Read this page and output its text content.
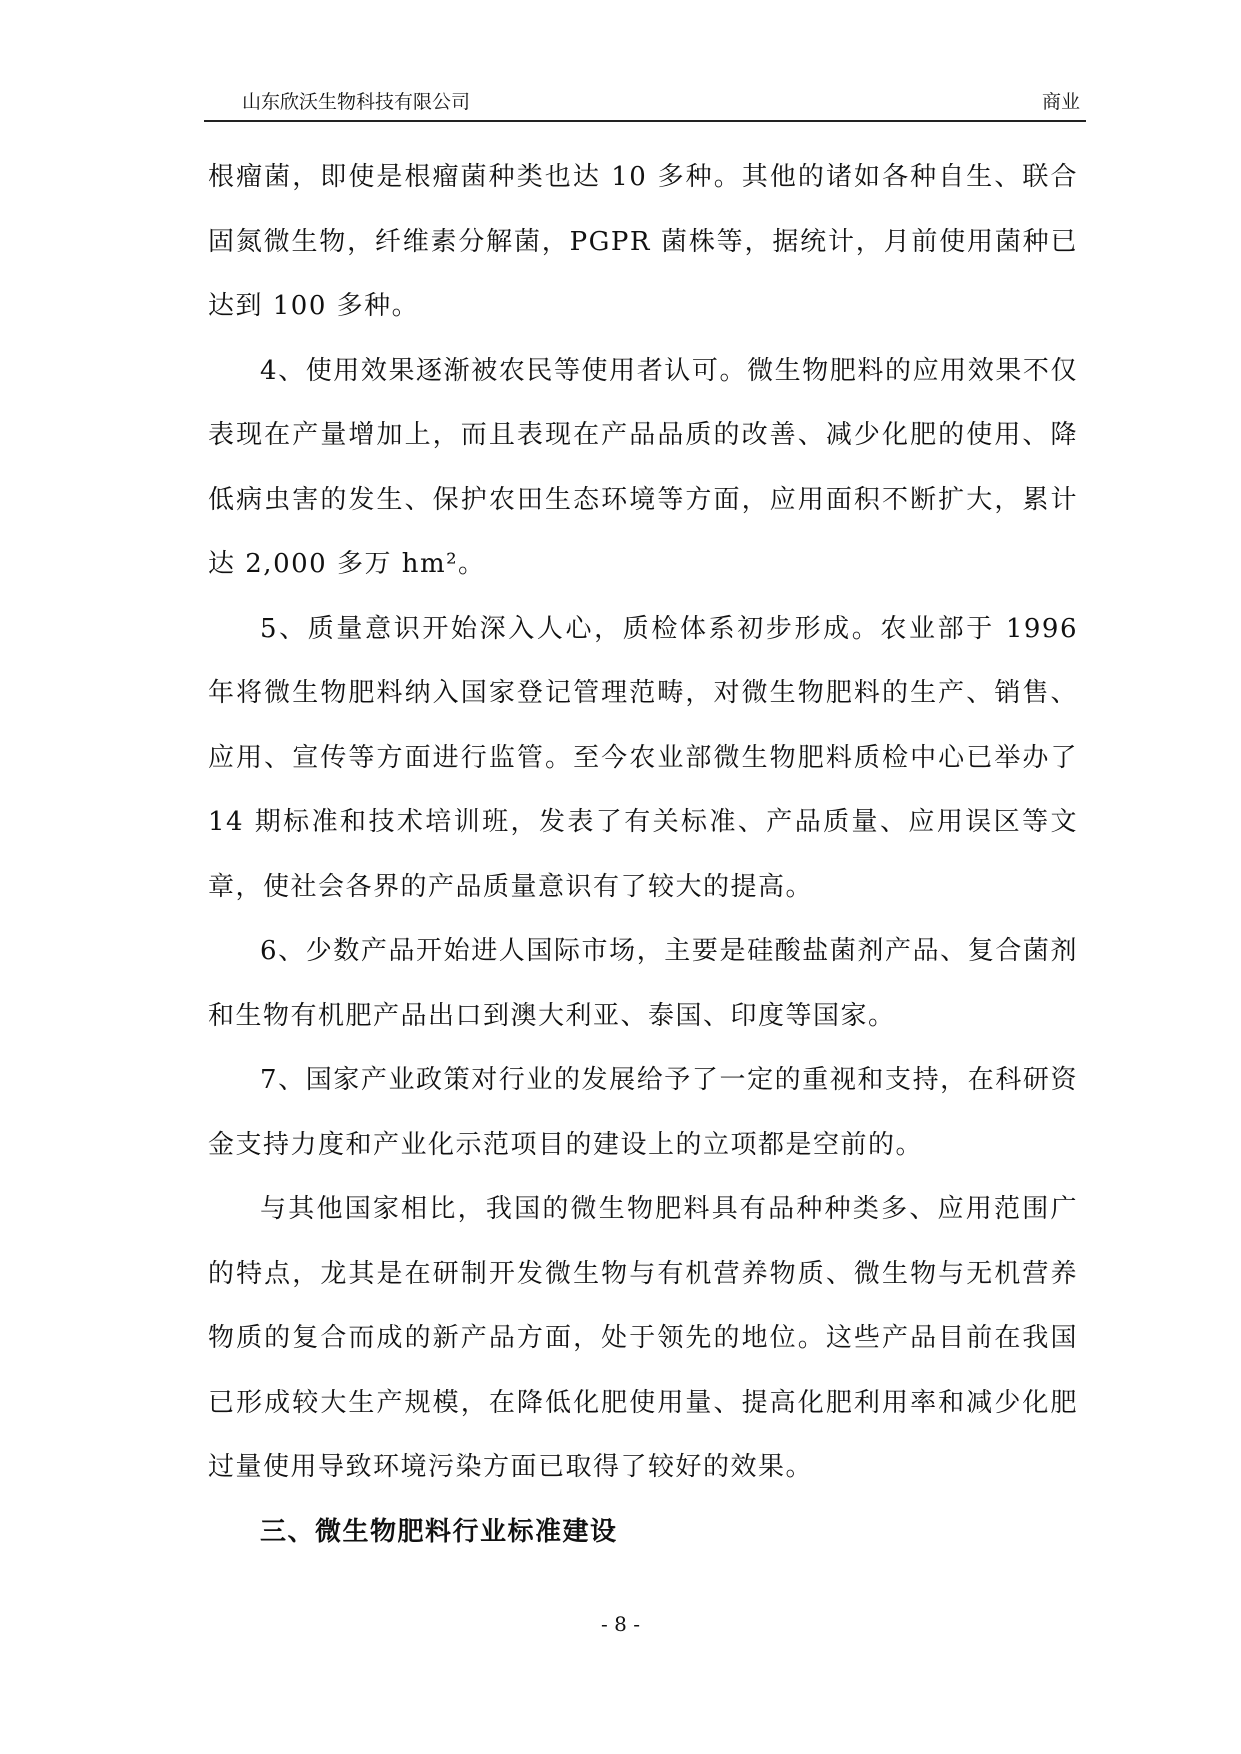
山东欣沃生物科技有限公司	商业

根瘤菌，即使是根瘤菌种类也达 10 多种。其他的诸如各种自生、联合固氮微生物，纤维素分解菌，PGPR 菌株等，据统计，月前使用菌种已达到 100 多种。

4、使用效果逐渐被农民等使用者认可。微生物肥料的应用效果不仅表现在产量增加上，而且表现在产品品质的改善、减少化肥的使用、降低病虫害的发生、保护农田生态环境等方面，应用面积不断扩大，累计达 2,000 多万 hm²。

5、质量意识开始深入人心，质检体系初步形成。农业部于 1996 年将微生物肥料纳入国家登记管理范畴，对微生物肥料的生产、销售、应用、宣传等方面进行监管。至今农业部微生物肥料质检中心已举办了 14 期标准和技术培训班，发表了有关标准、产品质量、应用误区等文章，使社会各界的产品质量意识有了较大的提高。

6、少数产品开始进人国际市场，主要是硅酸盐菌剂产品、复合菌剂和生物有机肥产品出口到澳大利亚、泰国、印度等国家。

7、国家产业政策对行业的发展给予了一定的重视和支持，在科研资金支持力度和产业化示范项目的建设上的立项都是空前的。

与其他国家相比，我国的微生物肥料具有品种种类多、应用范围广的特点，龙其是在研制开发微生物与有机营养物质、微生物与无机营养物质的复合而成的新产品方面，处于领先的地位。这些产品目前在我国已形成较大生产规模，在降低化肥使用量、提高化肥利用率和减少化肥过量使用导致环境污染方面已取得了较好的效果。

三、微生物肥料行业标准建设

- 8 -
